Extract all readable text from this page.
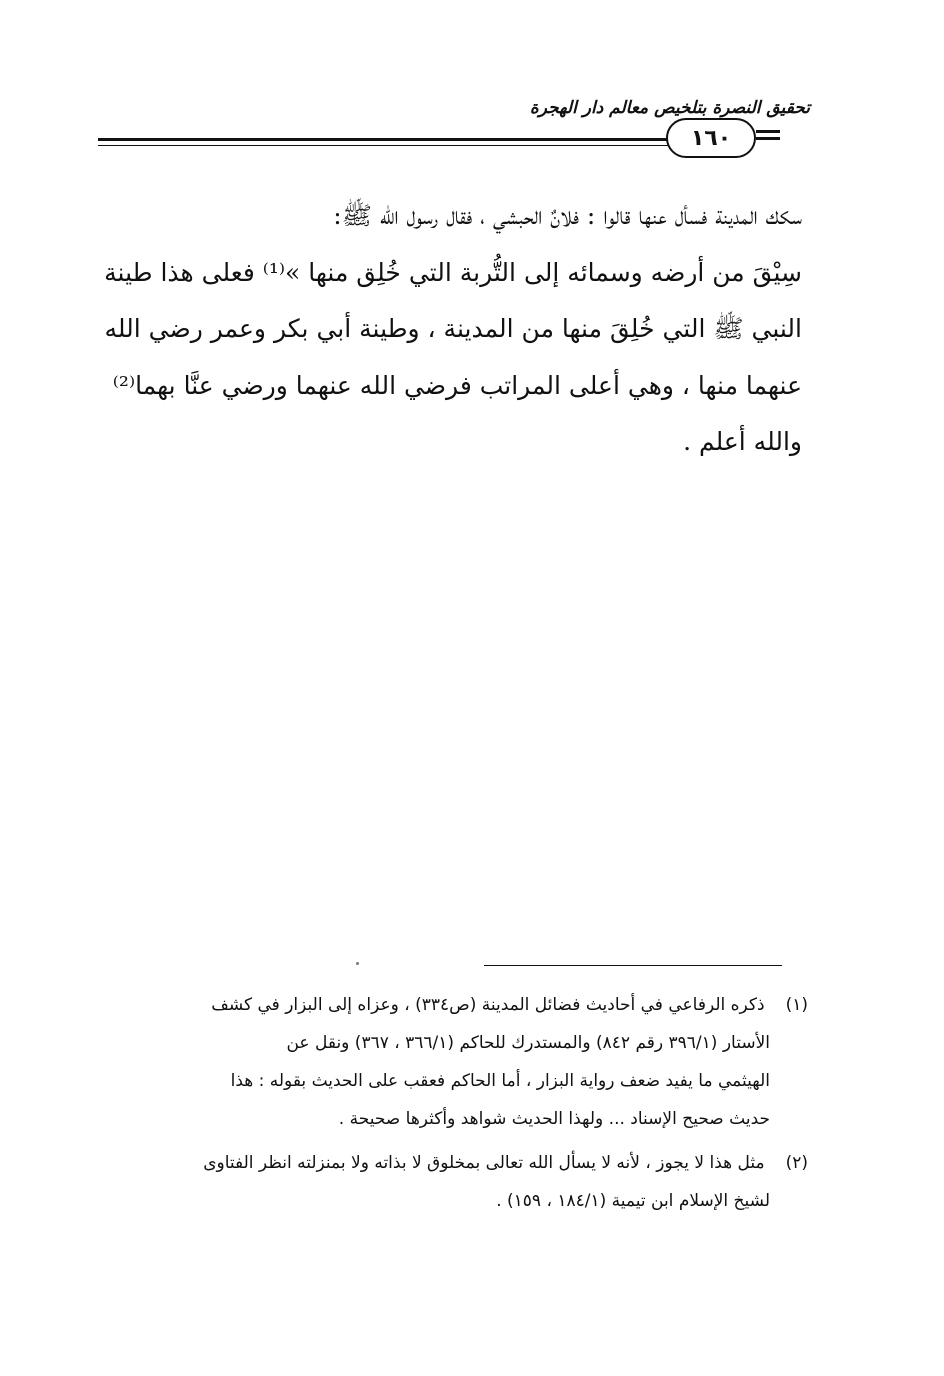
تحقيق النصرة بتلخيص معالم دار الهجرة
١٦٠
سكك المدينة فسأل عنها قالوا : فلانٌ الحبشي ، فقال رسول الله ﷺ:
سِيْقَ من أرضه وسمائه إلى التُّربة التي خُلِق منها »⁽¹⁾ فعلى هذا طينة
النبي ﷺ التي خُلِقَ منها من المدينة ، وطينة أبي بكر وعمر رضي الله
عنهما منها ، وهي أعلى المراتب فرضي الله عنهما ورضي عنَّا بهما⁽²⁾
والله أعلم .
(١) ذكره الرفاعي في أحاديث فضائل المدينة (ص٣٣٤) ، وعزاه إلى البزار في كشف
الأستار (٣٩٦/١ رقم ٨٤٢) والمستدرك للحاكم (٣٦٦/١ ، ٣٦٧) ونقل عن
الهيثمي ما يفيد ضعف رواية البزار ، أما الحاكم فعقب على الحديث بقوله : هذا
حديث صحيح الإسناد ... ولهذا الحديث شواهد وأكثرها صحيحة .
(٢) مثل هذا لا يجوز ، لأنه لا يسأل الله تعالى بمخلوق لا بذاته ولا بمنزلته انظر الفتاوى
لشيخ الإسلام ابن تيمية (١٨٤/١ ، ١٥٩) .
